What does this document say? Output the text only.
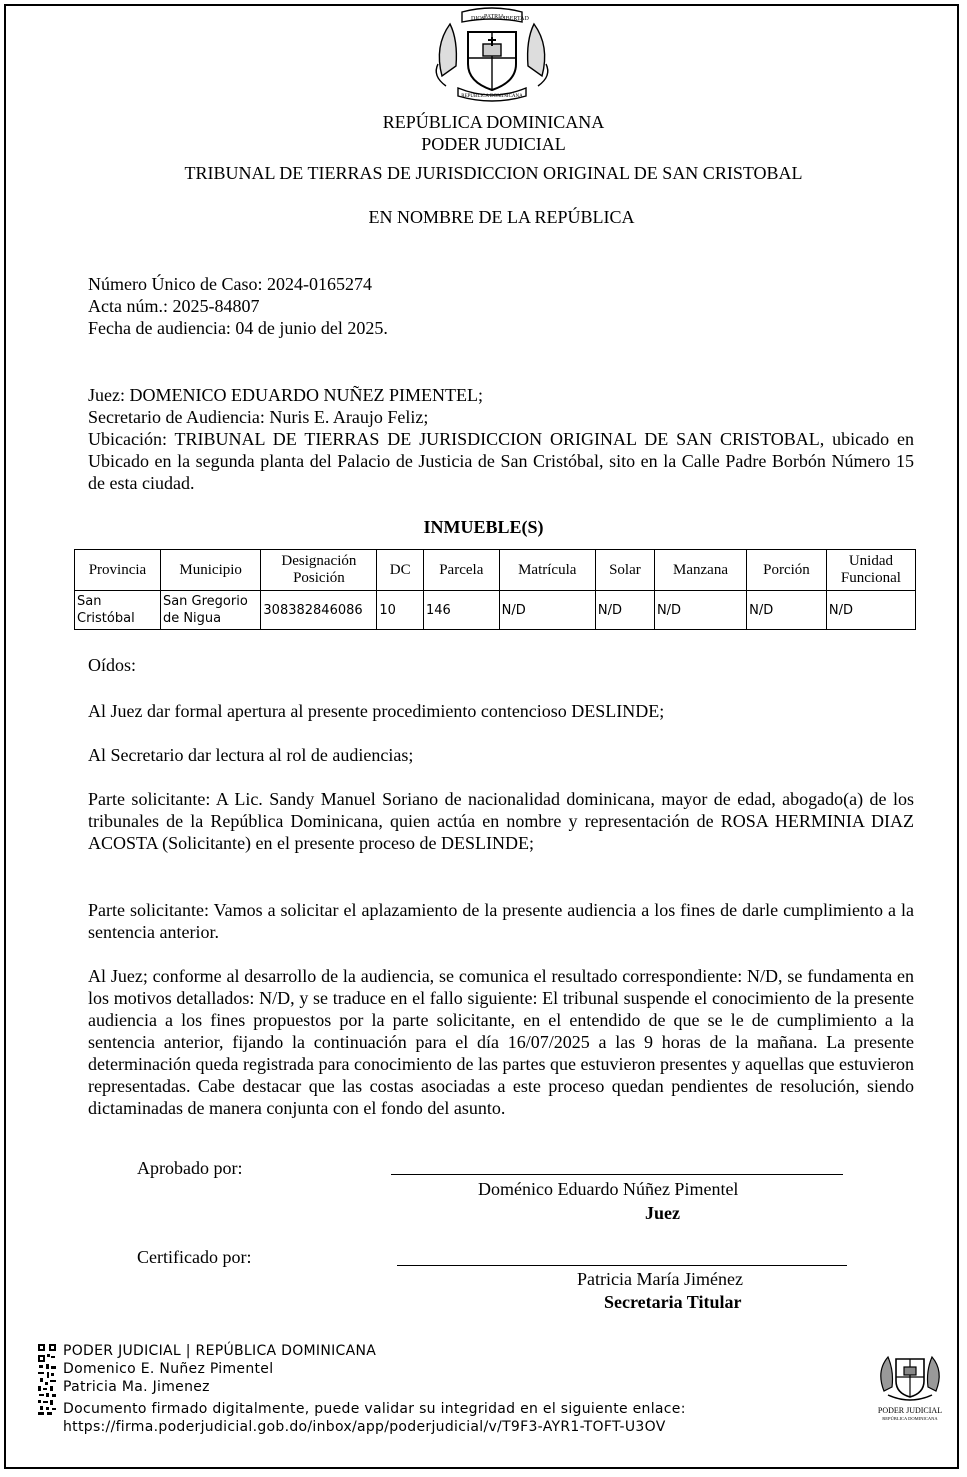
DIOS
PATRIA
LIBERTAD
REPÚBLICA DOMINICANA
REPÚBLICA DOMINICANA
PODER JUDICIAL
TRIBUNAL DE TIERRAS DE JURISDICCION ORIGINAL DE SAN CRISTOBAL
EN NOMBRE DE LA REPÚBLICA

Número Único de Caso: 2024-0165274

Acta núm.: 2025-84807

Fecha de audiencia: 04 de junio del 2025.

Juez: DOMENICO EDUARDO NUÑEZ PIMENTEL;

Secretario de Audiencia: Nuris E. Araujo Feliz;

Ubicación: TRIBUNAL DE TIERRAS DE JURISDICCION ORIGINAL DE SAN CRISTOBAL, ubicado en Ubicado en la segunda planta del Palacio de Justicia de San Cristóbal, sito en la Calle Padre Borbón Número 15 de esta ciudad.

INMUEBLE(S)
Provincia	Municipio	Designación Posición	DC	Parcela	Matrícula	Solar	Manzana	Porción	Unidad Funcional
San Cristóbal	San Gregorio de Nigua	308382846086	10	146	N/D	N/D	N/D	N/D	N/D
Oídos:
Al Juez dar formal apertura al presente procedimiento contencioso DESLINDE;
Al Secretario dar lectura al rol de audiencias;
Parte solicitante: A Lic. Sandy Manuel Soriano de nacionalidad dominicana, mayor de edad, abogado(a) de los tribunales de la República Dominicana, quien actúa en nombre y representación de ROSA HERMINIA DIAZ ACOSTA (Solicitante) en el presente proceso de DESLINDE;
Parte solicitante: Vamos a solicitar el aplazamiento de la presente audiencia a los fines de darle cumplimiento a la sentencia anterior.
Al Juez; conforme al desarrollo de la audiencia, se comunica el resultado correspondiente: N/D, se fundamenta en los motivos detallados: N/D, y se traduce en el fallo siguiente: El tribunal suspende el conocimiento de la presente audiencia a los fines propuestos por la parte solicitante, en el entendido de que se le de cumplimiento a la sentencia anterior, fijando la continuación para el día 16/07/2025 a las 9 horas de la mañana. La presente determinación queda registrada para conocimiento de las partes que estuvieron presentes y aquellas que estuvieron representadas. Cabe destacar que las costas asociadas a este proceso quedan pendientes de resolución, siendo dictaminadas de manera conjunta con el fondo del asunto.
Aprobado por:
Doménico Eduardo Núñez Pimentel
Juez
Certificado por:
Patricia María Jiménez
Secretaria Titular
PODER JUDICIAL | REPÚBLICA DOMINICANA
Domenico E. Nuñez Pimentel
Patricia Ma. Jimenez
Documento firmado digitalmente, puede validar su integridad en el siguiente enlace:
https://firma.poderjudicial.gob.do/inbox/app/poderjudicial/v/T9F3-AYR1-TOFT-U3OV
PODER JUDICIAL
REPÚBLICA DOMINICANA
